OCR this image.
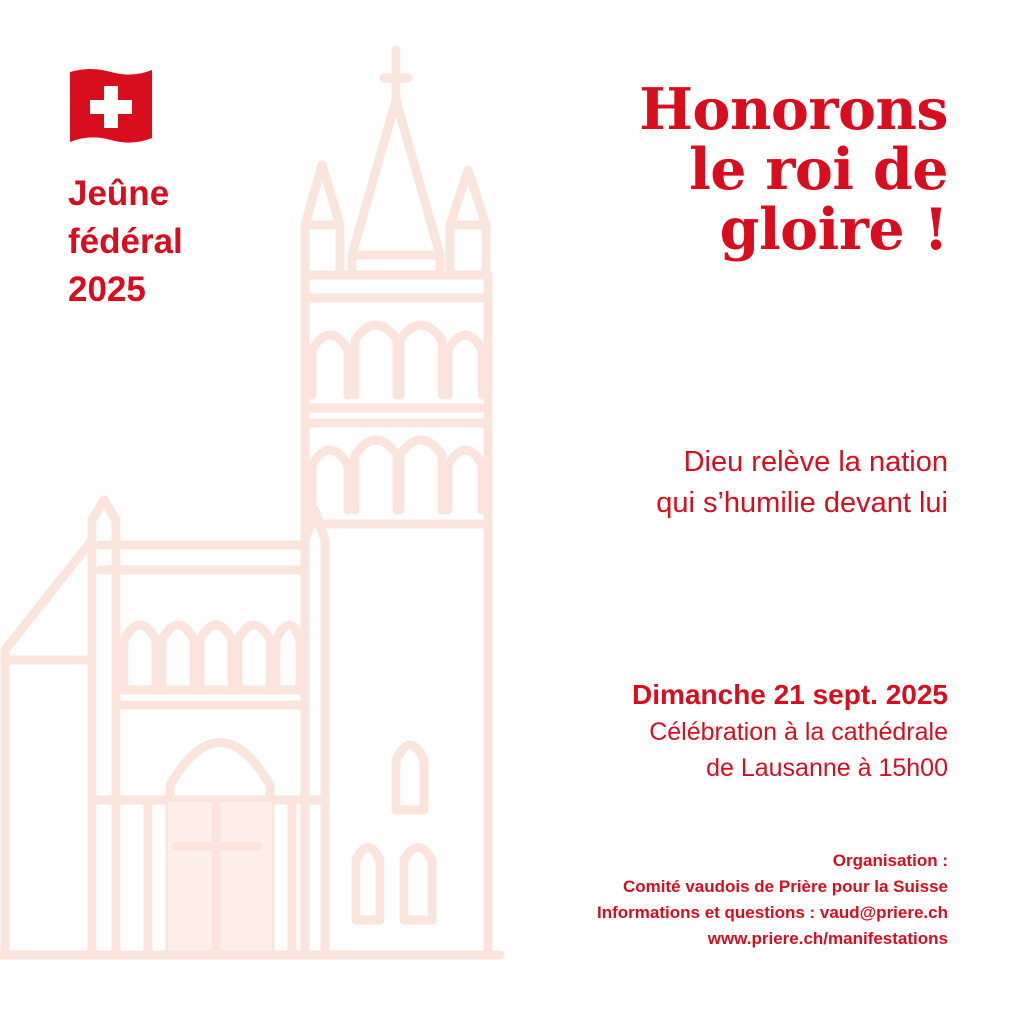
Jeûne
fédéral
2025
Honorons
le roi de
gloire !
Dieu relève la nation
qui s’humilie devant lui
Dimanche 21 sept. 2025
Célébration à la cathédrale
de Lausanne à 15h00
Organisation :
Comité vaudois de Prière pour la Suisse
Informations et questions : vaud@priere.ch
www.priere.ch/manifestations
